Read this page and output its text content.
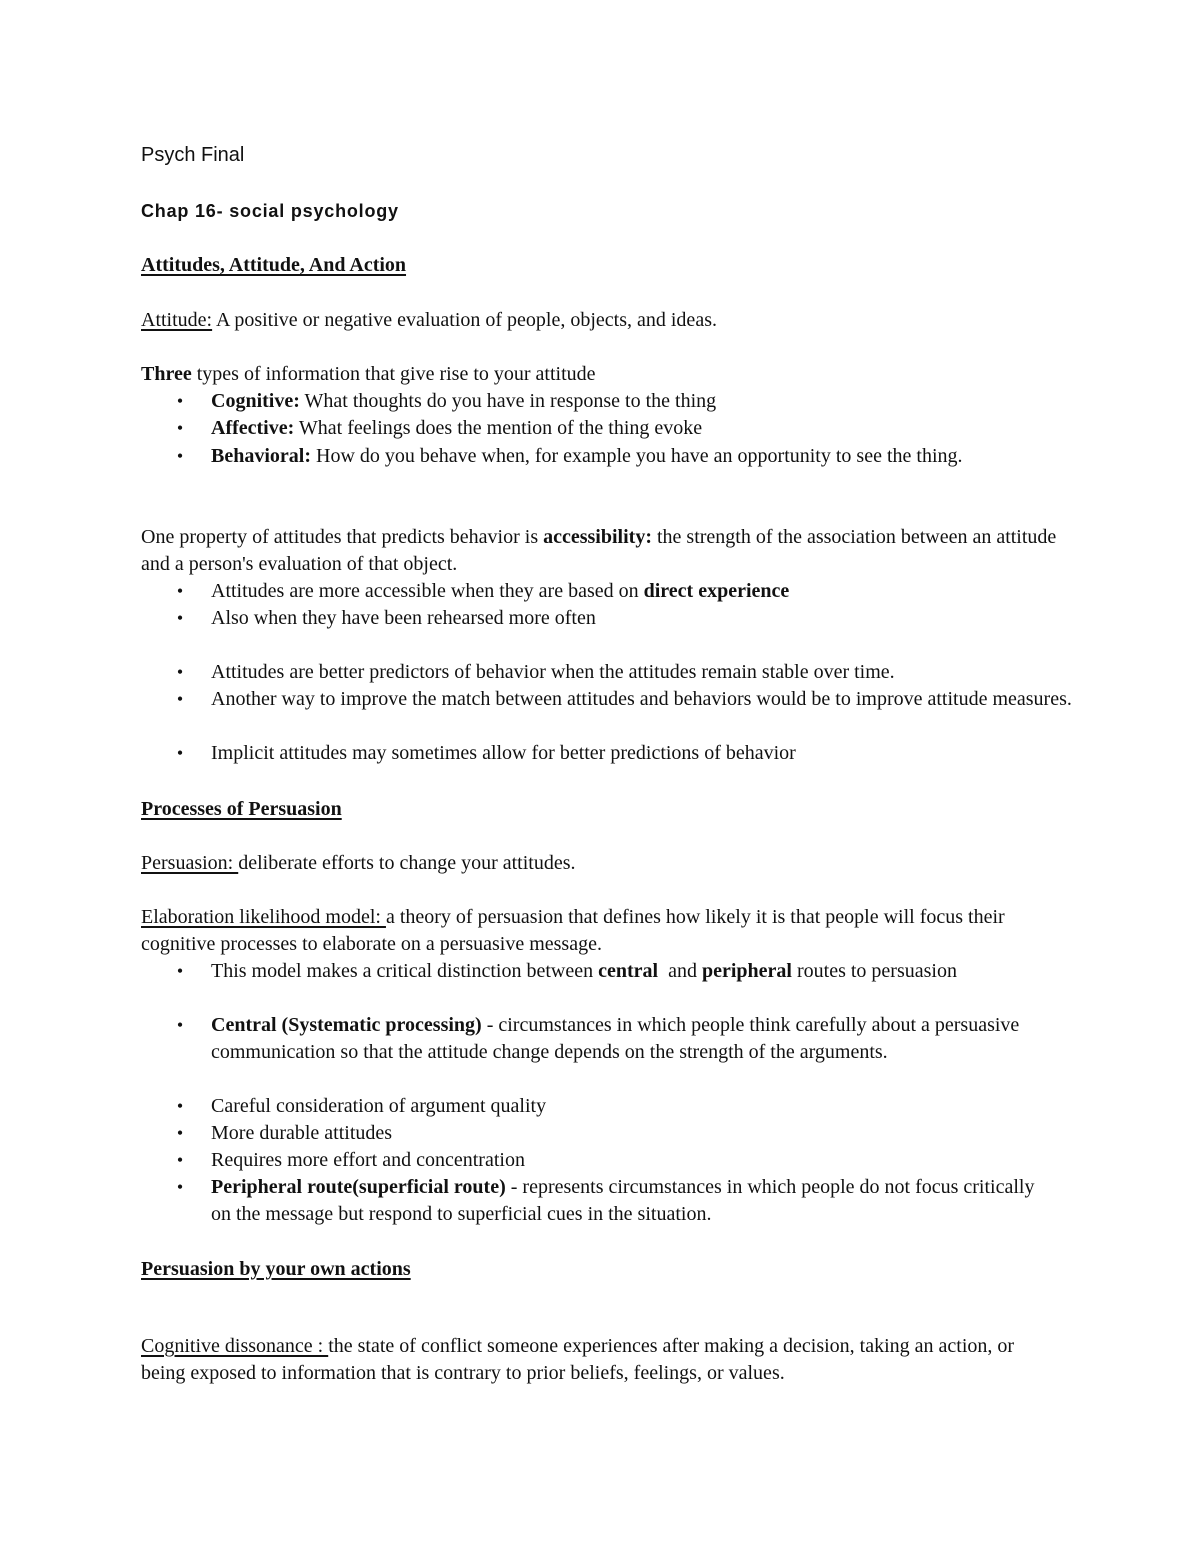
Psych Final
Chap 16- social psychology
Attitudes, Attitude, And Action
Attitude: A positive or negative evaluation of people, objects, and ideas.
Three types of information that give rise to your attitude
• Cognitive: What thoughts do you have in response to the thing
• Affective: What feelings does the mention of the thing evoke
• Behavioral: How do you behave when, for example you have an opportunity to see the thing.
One property of attitudes that predicts behavior is accessibility: the strength of the association between an attitude and a person's evaluation of that object.
• Attitudes are more accessible when they are based on direct experience
• Also when they have been rehearsed more often
• Attitudes are better predictors of behavior when the attitudes remain stable over time.
• Another way to improve the match between attitudes and behaviors would be to improve attitude measures.
• Implicit attitudes may sometimes allow for better predictions of behavior
Processes of Persuasion
Persuasion: deliberate efforts to change your attitudes.
Elaboration likelihood model: a theory of persuasion that defines how likely it is that people will focus their cognitive processes to elaborate on a persuasive message.
• This model makes a critical distinction between central  and peripheral routes to persuasion
• Central (Systematic processing) - circumstances in which people think carefully about a persuasive communication so that the attitude change depends on the strength of the arguments.
• Careful consideration of argument quality
• More durable attitudes
• Requires more effort and concentration
• Peripheral route(superficial route) - represents circumstances in which people do not focus critically on the message but respond to superficial cues in the situation.
Persuasion by your own actions
Cognitive dissonance : the state of conflict someone experiences after making a decision, taking an action, or being exposed to information that is contrary to prior beliefs, feelings, or values.
